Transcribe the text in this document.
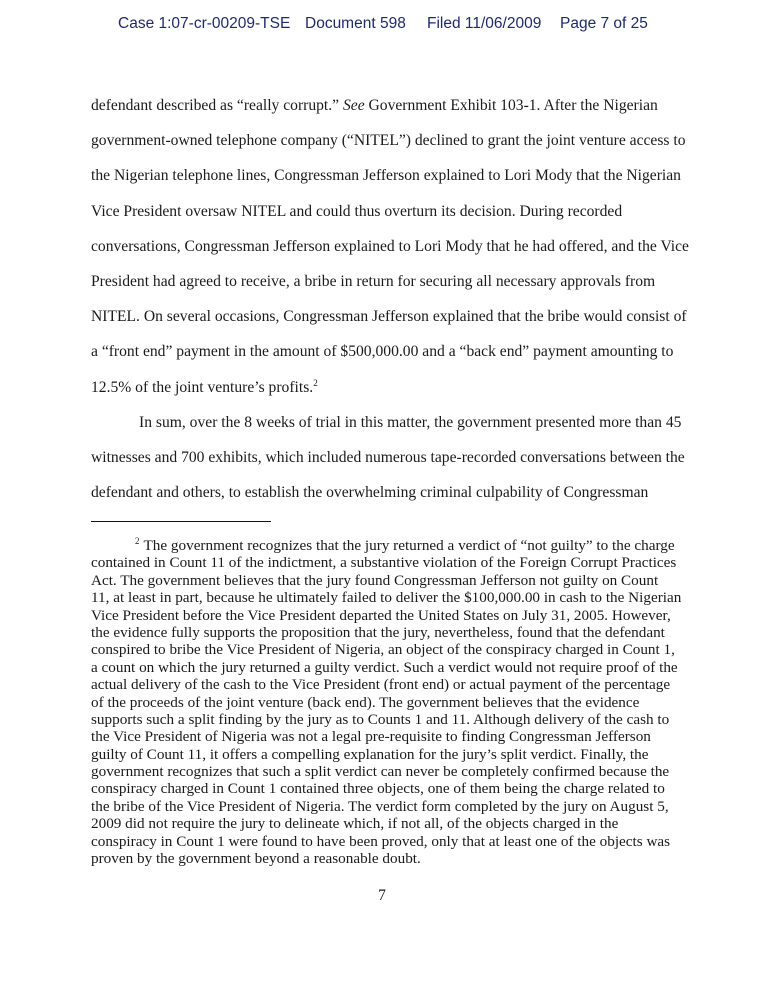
Case 1:07-cr-00209-TSE Document 598	Filed 11/06/2009	Page 7 of 25
defendant described as “really corrupt.” See Government Exhibit 103-1. After the Nigerian
government-owned telephone company (“NITEL”) declined to grant the joint venture access to
the Nigerian telephone lines, Congressman Jefferson explained to Lori Mody that the Nigerian
Vice President oversaw NITEL and could thus overturn its decision. During recorded
conversations, Congressman Jefferson explained to Lori Mody that he had offered, and the Vice
President had agreed to receive, a bribe in return for securing all necessary approvals from
NITEL. On several occasions, Congressman Jefferson explained that the bribe would consist of
a “front end” payment in the amount of $500,000.00 and a “back end” payment amounting to
12.5% of the joint venture’s profits.$^2$
In sum, over the 8 weeks of trial in this matter, the government presented more than 45
witnesses and 700 exhibits, which included numerous tape-recorded conversations between the
defendant and others, to establish the overwhelming criminal culpability of Congressman
$^2$ The government recognizes that the jury returned a verdict of “not guilty” to the charge
contained in Count 11 of the indictment, a substantive violation of the Foreign Corrupt Practices
Act. The government believes that the jury found Congressman Jefferson not guilty on Count
11, at least in part, because he ultimately failed to deliver the $100,000.00 in cash to the Nigerian
Vice President before the Vice President departed the United States on July 31, 2005. However,
the evidence fully supports the proposition that the jury, nevertheless, found that the defendant
conspired to bribe the Vice President of Nigeria, an object of the conspiracy charged in Count 1,
a count on which the jury returned a guilty verdict. Such a verdict would not require proof of the
actual delivery of the cash to the Vice President (front end) or actual payment of the percentage
of the proceeds of the joint venture (back end). The government believes that the evidence
supports such a split finding by the jury as to Counts 1 and 11. Although delivery of the cash to
the Vice President of Nigeria was not a legal pre-requisite to finding Congressman Jefferson
guilty of Count 11, it offers a compelling explanation for the jury’s split verdict. Finally, the
government recognizes that such a split verdict can never be completely confirmed because the
conspiracy charged in Count 1 contained three objects, one of them being the charge related to
the bribe of the Vice President of Nigeria. The verdict form completed by the jury on August 5,
2009 did not require the jury to delineate which, if not all, of the objects charged in the
conspiracy in Count 1 were found to have been proved, only that at least one of the objects was
proven by the government beyond a reasonable doubt.
7
